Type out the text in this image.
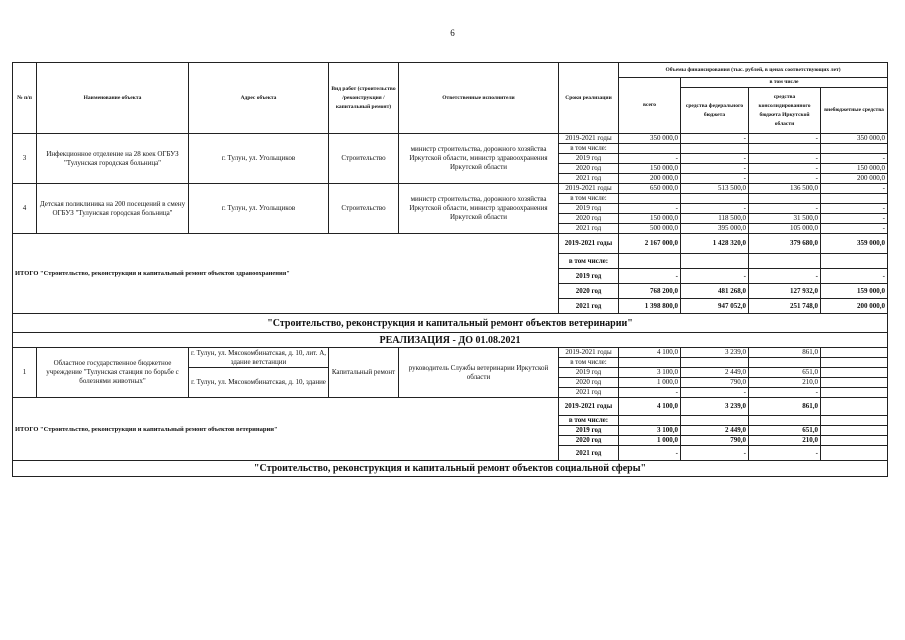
6
№ п/п	Наименование объекта	Адрес объекта	Вид работ (строительство /реконструкция /капитальный ремонт)	Ответственные исполнители	Сроки реализации	Объемы финансирования (тыс. рублей, в ценах соответствующих лет)			
						всего	в том числе		
							средства федерального бюджета	средства консолидированного бюджета Иркутской области	внебюджетные средства
3	Инфекционное отделение на 28 коек ОГБУЗ "Тулунская городская больница"	г. Тулун, ул. Угольщиков	Строительство	министр строительства, дорожного хозяйства Иркутской области, министр здравоохранения Иркутской области	2019-2021 годы	350 000,0	-	-	350 000,0
					в том числе:				
					2019 год	-	-	-	-
					2020 год	150 000,0	-	-	150 000,0
					2021 год	200 000,0	-	-	200 000,0
4	Детская поликлиника на 200 посещений в смену ОГБУЗ "Тулунская городская больница"	г. Тулун, ул. Угольщиков	Строительство	министр строительства, дорожного хозяйства Иркутской области, министр здравоохранения Иркутской области	2019-2021 годы	650 000,0	513 500,0	136 500,0	-
					в том числе:				
					2019 год	-	-	-	-
					2020 год	150 000,0	118 500,0	31 500,0	-
					2021 год	500 000,0	395 000,0	105 000,0	-
ИТОГО "Строительство, реконструкция и капитальный ремонт объектов здравоохранения"					2019-2021 годы	2 167 000,0	1 428 320,0	379 680,0	359 000,0
					в том числе:				
					2019 год	-	-	-	-
					2020 год	768 200,0	481 268,0	127 932,0	159 000,0
					2021 год	1 398 800,0	947 052,0	251 748,0	200 000,0
"Строительство, реконструкция и капитальный ремонт объектов ветеринарии"									
РЕАЛИЗАЦИЯ - ДО 01.08.2021									
1	Областное государственное бюджетное учреждение "Тулунская станция по борьбе с болезнями животных"	г. Тулун, ул. Мясокомбинатская, д. 10, лит. А, здание ветстанции	Капитальный ремонт	руководитель Службы ветеринарии Иркутской области	2019-2021 годы	4 100,0	3 239,0	861,0	
					в том числе:				
		г. Тулун, ул. Мясокомбинатская, д. 10, здание			2019 год	3 100,0	2 449,0	651,0	
					2020 год	1 000,0	790,0	210,0	
					2021 год	-	-	-	
ИТОГО "Строительство, реконструкция и капитальный ремонт объектов ветеринарии"					2019-2021 годы	4 100,0	3 239,0	861,0	
					в том числе:				
					2019 год	3 100,0	2 449,0	651,0	
					2020 год	1 000,0	790,0	210,0	
					2021 год	-	-	-	
"Строительство, реконструкция и капитальный ремонт объектов социальной сферы"									
